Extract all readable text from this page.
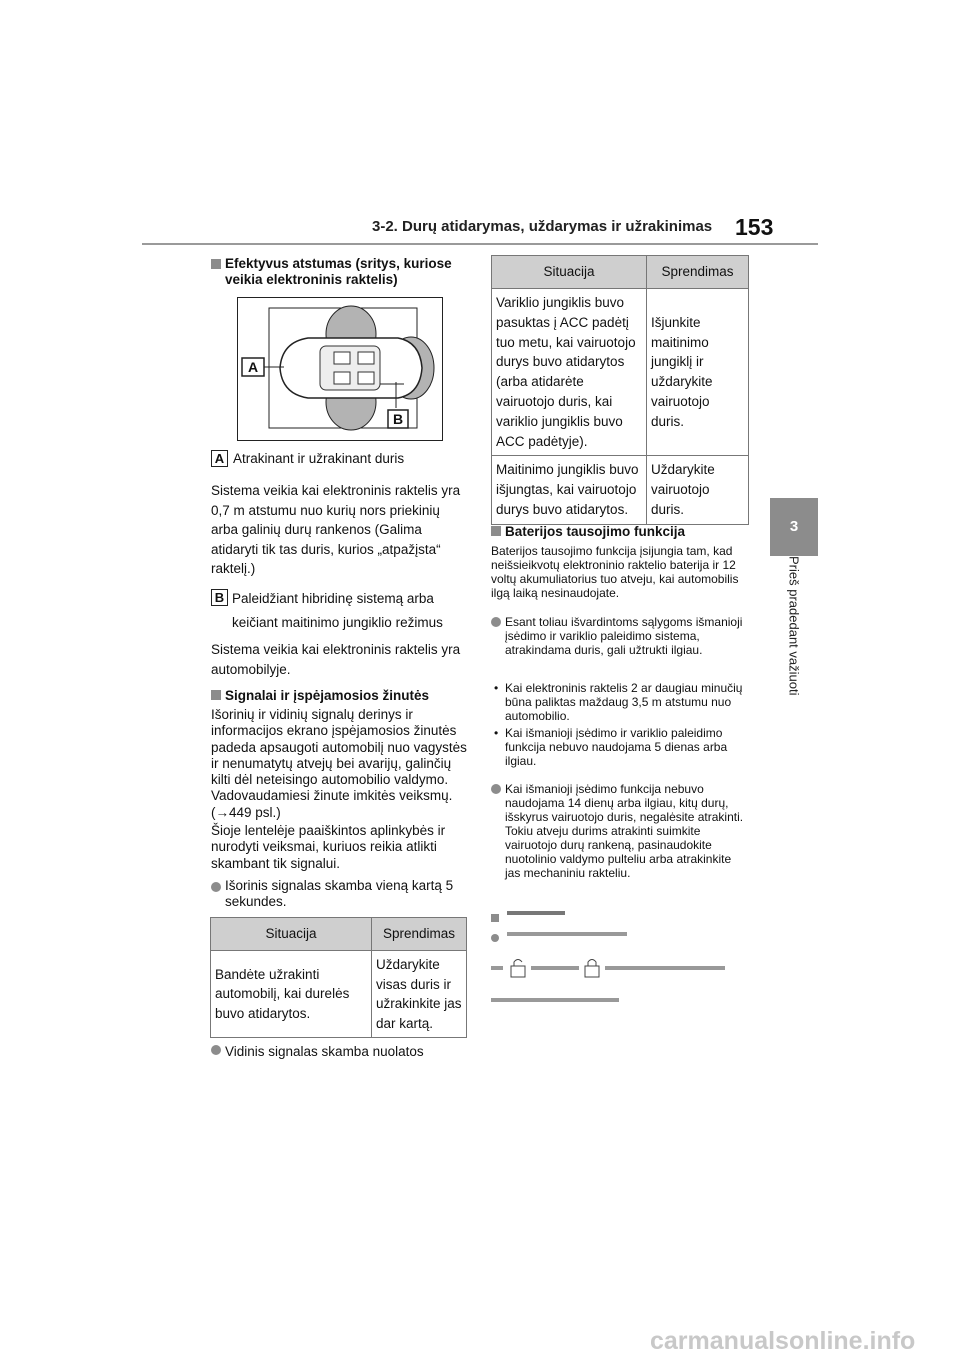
3-2. Durų atidarymas, uždarymas ir užrakinimas 153
3
Prieš pradedant važiuoti
Efektyvus atstumas (sritys, kuriose veikia elektroninis raktelis)
A
B
A Atrakinant ir užrakinant duris
Sistema veikia kai elektroninis raktelis yra 0,7 m atstumu nuo kurių nors priekinių arba galinių durų rankenos (Galima atidaryti tik tas duris, kurios „atpažįsta“ raktelį.)
B Paleidžiant hibridinę sistemą arba keičiant maitinimo jungiklio režimus
Sistema veikia kai elektroninis raktelis yra automobilyje.
Signalai ir įspėjamosios žinutės
Išorinių ir vidinių signalų derinys ir informacijos ekrano įspėjamosios žinutės padeda apsaugoti automobilį nuo vagystės ir nenumatytų atvejų bei avarijų, galinčių kilti dėl neteisingo automobilio valdymo. Vadovaudamiesi žinute imkitės veiksmų. (→449 psl.)
Šioje lentelėje paaiškintos aplinkybės ir nurodyti veiksmai, kuriuos reikia atlikti skambant tik signalui.
Išorinis signalas skamba vieną kartą 5 sekundes.
Situacija	Sprendimas
Bandėte užrakinti automobilį, kai durelės buvo atidarytos.	Uždarykite visas duris ir užrakinkite jas dar kartą.
Vidinis signalas skamba nuolatos
Situacija	Sprendimas
Variklio jungiklis buvo pasuktas į ACC padėtį tuo metu, kai vairuotojo durys buvo atidarytos (arba atidarėte vairuotojo duris, kai variklio jungiklis buvo ACC padėtyje).	Išjunkite maitinimo jungiklį ir uždarykite vairuotojo duris.
Maitinimo jungiklis buvo išjungtas, kai vairuotojo durys buvo atidarytos.	Uždarykite vairuotojo duris.
Baterijos tausojimo funkcija
Baterijos tausojimo funkcija įsijungia tam, kad neišsieikvotų elektroninio raktelio baterija ir 12 voltų akumuliatorius tuo atveju, kai automobilis ilgą laiką nesinaudojate.
Esant toliau išvardintoms sąlygoms išmanioji įsėdimo ir variklio paleidimo sistema, atrakindama duris, gali užtrukti ilgiau.
• Kai elektroninis raktelis 2 ar daugiau minučių būna paliktas maždaug 3,5 m atstumu nuo automobilio.
• Kai išmanioji įsėdimo ir variklio paleidimo funkcija nebuvo naudojama 5 dienas arba ilgiau.
Kai išmanioji įsėdimo funkcija nebuvo naudojama 14 dienų arba ilgiau, kitų durų, išskyrus vairuotojo duris, negalėsite atrakinti. Tokiu atveju durims atrakinti suimkite vairuotojo durų rankeną, pasinaudokite nuotolinio valdymo pulteliu arba atrakinkite jas mechaniniu rakteliu.

carmanualsonline.info
